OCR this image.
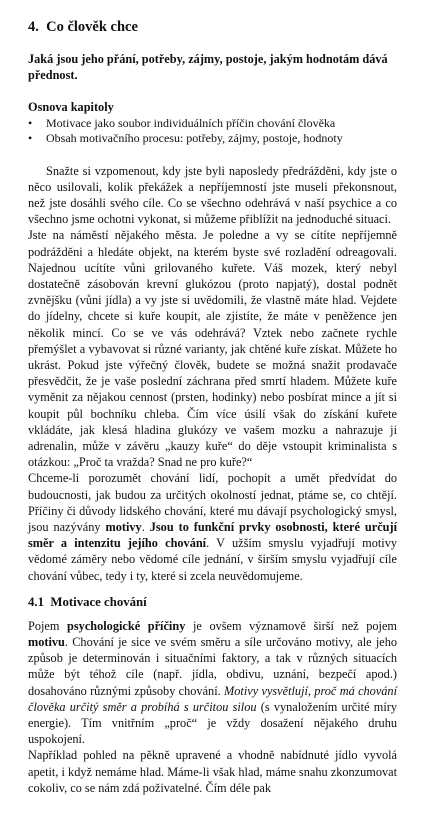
4. Co člověk chce
Jaká jsou jeho přání, potřeby, zájmy, postoje, jakým hodnotám dává přednost.
Osnova kapitoly
• Motivace jako soubor individuálních příčin chování člověka
• Obsah motivačního procesu: potřeby, zájmy, postoje, hodnoty

Snažte si vzpomenout, kdy jste byli naposledy předrážděni, kdy jste o něco usilovali, kolik překážek a nepříjemností jste museli překonsnout, než jste dosáhli svého cíle. Co se všechno odehrává v naší psychice a co všechno jsme ochotni vykonat, si můžeme přiblížit na jednoduché situaci.

Jste na náměstí nějakého města. Je poledne a vy se cítíte nepříjemně podrážděni a hledáte objekt, na kterém byste své rozladění odreagovali. Najednou ucítíte vůni grilovaného kuřete. Váš mozek, který nebyl dostatečně zásobován krevní glukózou (proto napjatý), dostal podnět zvnějšku (vůni jídla) a vy jste si uvědomili, že vlastně máte hlad. Vejdete do jídelny, chcete si kuře koupit, ale zjistíte, že máte v peněžence jen několik mincí. Co se ve vás odehrává? Vztek nebo začnete rychle přemýšlet a vybavovat si různé varianty, jak chtěné kuře získat. Můžete ho ukrást. Pokud jste výřečný člověk, budete se možná snažit prodavače přesvědčit, že je vaše poslední záchrana před smrtí hladem. Můžete kuře vyměnit za nějakou cennost (prsten, hodinky) nebo posbírat mince a jít si koupit půl bochníku chleba. Čím více úsilí však do získání kuřete vkládáte, jak klesá hladina glukózy ve vašem mozku a nahrazuje ji adrenalin, může v závěru „kauzy kuře“ do děje vstoupit kriminalista s otázkou: „Proč ta vražda? Snad ne pro kuře?“

Chceme-li porozumět chování lidí, pochopit a umět předvídat do budoucnosti, jak budou za určitých okolností jednat, ptáme se, co chtějí. Příčiny či důvody lidského chování, které mu dávají psychologický smysl, jsou nazývány motivy. Jsou to funkční prvky osobnosti, které určují směr a intenzitu jejího chování. V užším smyslu vyjadřují motivy vědomé záměry nebo vědomé cíle jednání, v širším smyslu vyjadřují cíle chování vůbec, tedy i ty, které si zcela neuvědomujeme.

4.1 Motivace chování

Pojem psychologické příčiny je ovšem významově širší než pojem motivu. Chování je sice ve svém směru a síle určováno motivy, ale jeho způsob je determinován i situačními faktory, a tak v různých situacích může být téhož cíle (např. jídla, obdivu, uznání, bezpečí apod.) dosahováno různými způsoby chování. Motivy vysvětlují, proč má chování člověka určitý směr a probíhá s určitou silou (s vynaložením určité míry energie). Tím vnitřním „proč“ je vždy dosažení nějakého druhu uspokojení.

Například pohled na pěkně upravené a vhodně nabídnuté jídlo vyvolá apetit, i když nemáme hlad. Máme-li však hlad, máme snahu zkonzumovat cokoliv, co se nám zdá poživatelné. Čím déle pak
